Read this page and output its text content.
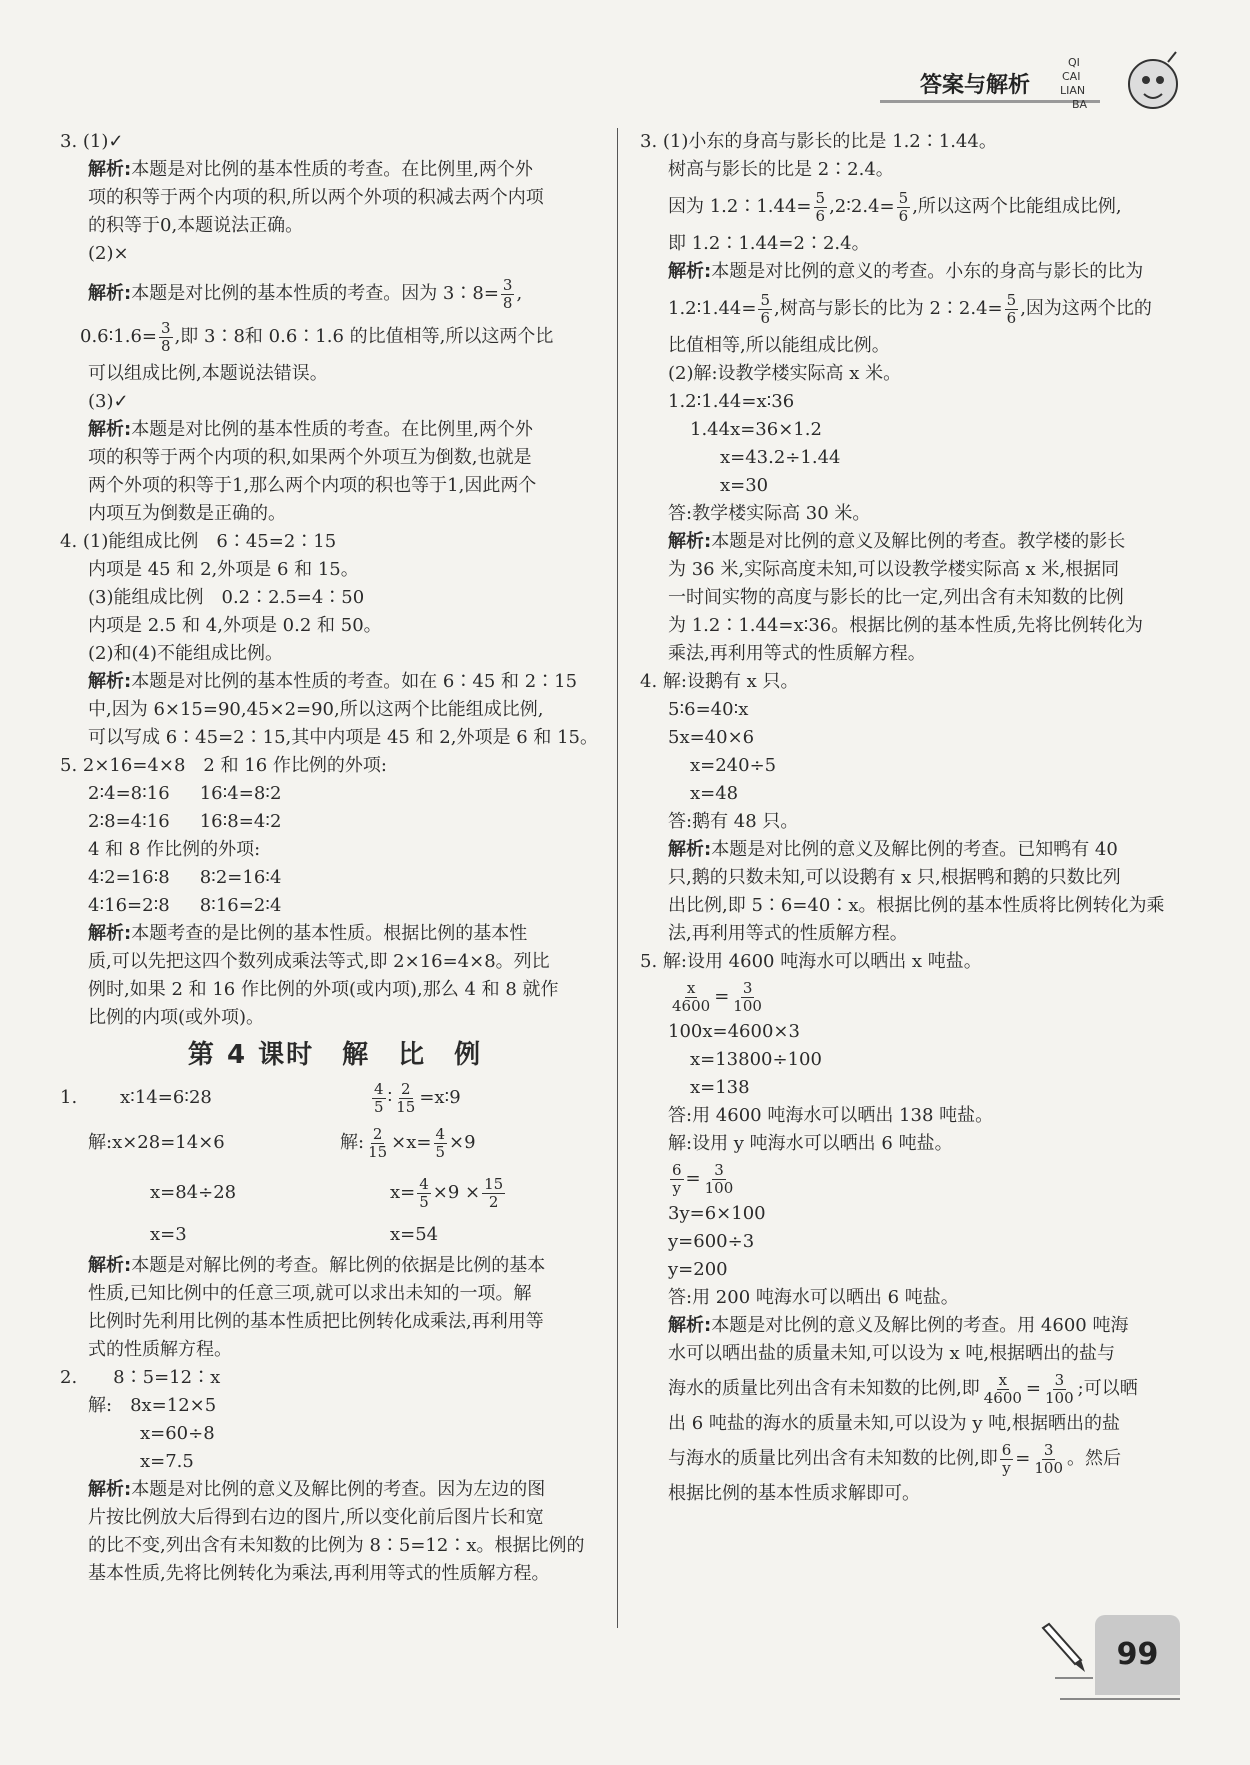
答案与解析
QI
CAI
LIAN
BA
3. (1)✓
解析:本题是对比例的基本性质的考查。在比例里,两个外
项的积等于两个内项的积,所以两个外项的积减去两个内项
的积等于0,本题说法正确。
(2)×
解析:本题是对比例的基本性质的考查。因为 3∶8= $\frac{3}{8}$ ,
0.6∶1.6= $\frac{3}{8}$ ,即 3∶8和 0.6∶1.6 的比值相等,所以这两个比
可以组成比例,本题说法错误。
(3)✓
解析:本题是对比例的基本性质的考查。在比例里,两个外
项的积等于两个内项的积,如果两个外项互为倒数,也就是
两个外项的积等于1,那么两个内项的积也等于1,因此两个
内项互为倒数是正确的。
4. (1)能组成比例　6∶45=2∶15
内项是 45 和 2,外项是 6 和 15。
(3)能组成比例　0.2∶2.5=4∶50
内项是 2.5 和 4,外项是 0.2 和 50。
(2)和(4)不能组成比例。
解析:本题是对比例的基本性质的考查。如在 6∶45 和 2∶15
中,因为 6×15=90,45×2=90,所以这两个比能组成比例,
可以写成 6∶45=2∶15,其中内项是 45 和 2,外项是 6 和 15。
5. 2×16=4×8　2 和 16 作比例的外项:
2∶4=8∶16 16∶4=8∶2
2∶8=4∶16 16∶8=4∶2
4 和 8 作比例的外项:
4∶2=16∶8 8∶2=16∶4
4∶16=2∶8 8∶16=2∶4
解析:本题考查的是比例的基本性质。根据比例的基本性
质,可以先把这四个数列成乘法等式,即 2×16=4×8。列比
例时,如果 2 和 16 作比例的外项(或内项),那么 4 和 8 就作
比例的内项(或外项)。
第 4 课时　解　比　例
1. x∶14=6∶28	$\frac{4}{5}$ ∶ $\frac{2}{15}$ =x∶9
解:x×28=14×6	解: $\frac{2}{15} \times x= \frac{4}{5} \times 9$
x=84÷28	$x= \frac{4}{5} \times 9 \times \frac{15}{2}$
x=3	x=54
解析:本题是对解比例的考查。解比例的依据是比例的基本
性质,已知比例中的任意三项,就可以求出未知的一项。解
比例时先利用比例的基本性质把比例转化成乘法,再利用等
式的性质解方程。
2.　　8∶5=12∶x
解:　8x=12×5
x=60÷8
x=7.5
解析:本题是对比例的意义及解比例的考查。因为左边的图
片按比例放大后得到右边的图片,所以变化前后图片长和宽
的比不变,列出含有未知数的比例为 8∶5=12∶x。根据比例的
基本性质,先将比例转化为乘法,再利用等式的性质解方程。
3. (1)小东的身高与影长的比是 1.2∶1.44。
树高与影长的比是 2∶2.4。
因为 1.2∶1.44= $\frac{5}{6}$ ,2∶2.4= $\frac{5}{6}$ ,所以这两个比能组成比例,
即 1.2∶1.44=2∶2.4。
解析:本题是对比例的意义的考查。小东的身高与影长的比为
1.2∶1.44= $\frac{5}{6}$ ,树高与影长的比为 2∶2.4= $\frac{5}{6}$ ,因为这两个比的
比值相等,所以能组成比例。
(2)解:设教学楼实际高 x 米。
1.2∶1.44=x∶36
1.44x=36×1.2
x=43.2÷1.44
x=30
答:教学楼实际高 30 米。
解析:本题是对比例的意义及解比例的考查。教学楼的影长
为 36 米,实际高度未知,可以设教学楼实际高 x 米,根据同
一时间实物的高度与影长的比一定,列出含有未知数的比例
为 1.2∶1.44=x∶36。根据比例的基本性质,先将比例转化为
乘法,再利用等式的性质解方程。
4. 解:设鹅有 x 只。
5∶6=40∶x
5x=40×6
x=240÷5
x=48
答:鹅有 48 只。
解析:本题是对比例的意义及解比例的考查。已知鸭有 40
只,鹅的只数未知,可以设鹅有 x 只,根据鸭和鹅的只数比列
出比例,即 5∶6=40∶x。根据比例的基本性质将比例转化为乘
法,再利用等式的性质解方程。
5. 解:设用 4600 吨海水可以晒出 x 吨盐。
$\frac{x}{4600} = \frac{3}{100}$
100x=4600×3
x=13800÷100
x=138
答:用 4600 吨海水可以晒出 138 吨盐。
解:设用 y 吨海水可以晒出 6 吨盐。
$\frac{6}{y} = \frac{3}{100}$
3y=6×100
y=600÷3
y=200
答:用 200 吨海水可以晒出 6 吨盐。
解析:本题是对比例的意义及解比例的考查。用 4600 吨海
水可以晒出盐的质量未知,可以设为 x 吨,根据晒出的盐与
海水的质量比列出含有未知数的比例,即 $\frac{x}{4600} = \frac{3}{100}$ ;可以晒
出 6 吨盐的海水的质量未知,可以设为 y 吨,根据晒出的盐
与海水的质量比列出含有未知数的比例,即 $\frac{6}{y} = \frac{3}{100}$ 。然后
根据比例的基本性质求解即可。
99
